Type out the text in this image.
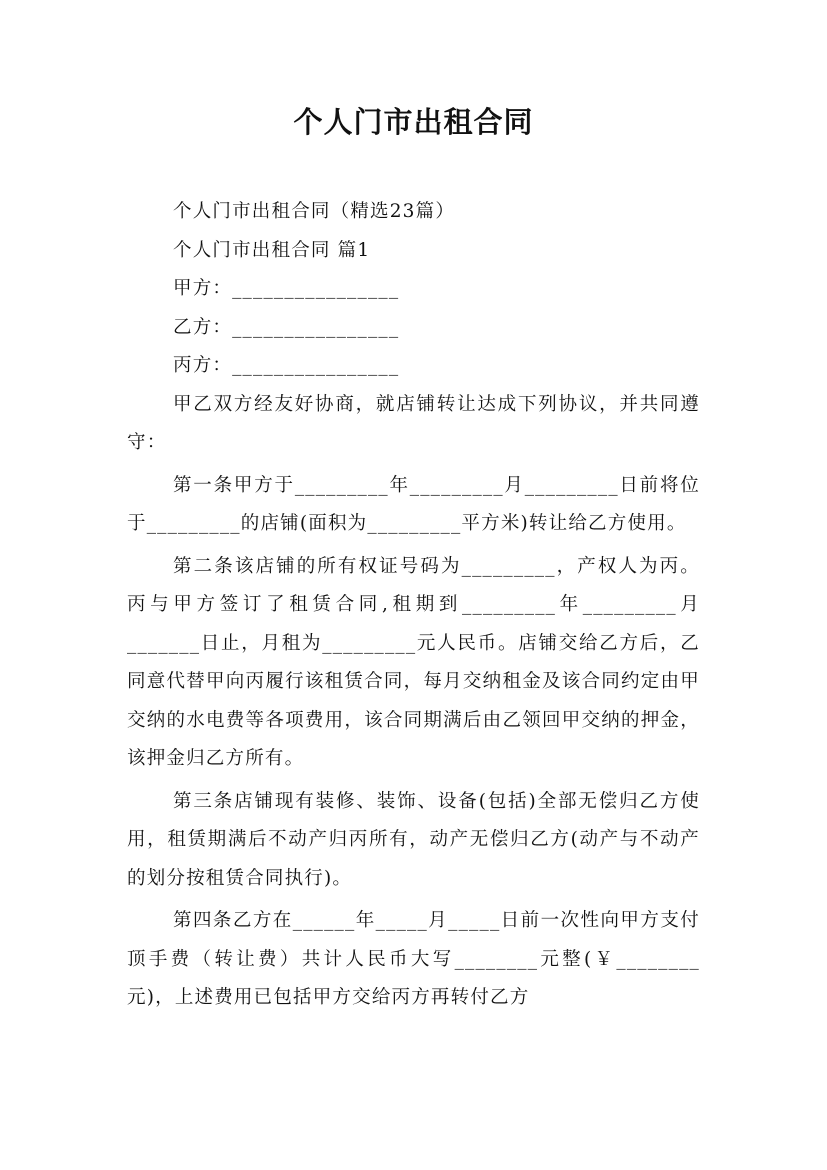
个人门市出租合同

个人门市出租合同（精选23篇）

个人门市出租合同 篇1

甲方：________________

乙方：________________

丙方：________________

甲乙双方经友好协商，就店铺转让达成下列协议，并共同遵守：

第一条甲方于_________年_________月_________日前将位于_________的店铺(面积为_________平方米)转让给乙方使用。

第二条该店铺的所有权证号码为_________，产权人为丙。丙与甲方签订了租赁合同,租期到_________年_________月_______日止，月租为_________元人民币。店铺交给乙方后，乙同意代替甲向丙履行该租赁合同，每月交纳租金及该合同约定由甲交纳的水电费等各项费用，该合同期满后由乙领回甲交纳的押金，该押金归乙方所有。

第三条店铺现有装修、装饰、设备(包括)全部无偿归乙方使用，租赁期满后不动产归丙所有，动产无偿归乙方(动产与不动产的划分按租赁合同执行)。

第四条乙方在______年_____月_____日前一次性向甲方支付顶手费（转让费）共计人民币大写________元整(￥________元)，上述费用已包括甲方交给丙方再转付乙方
